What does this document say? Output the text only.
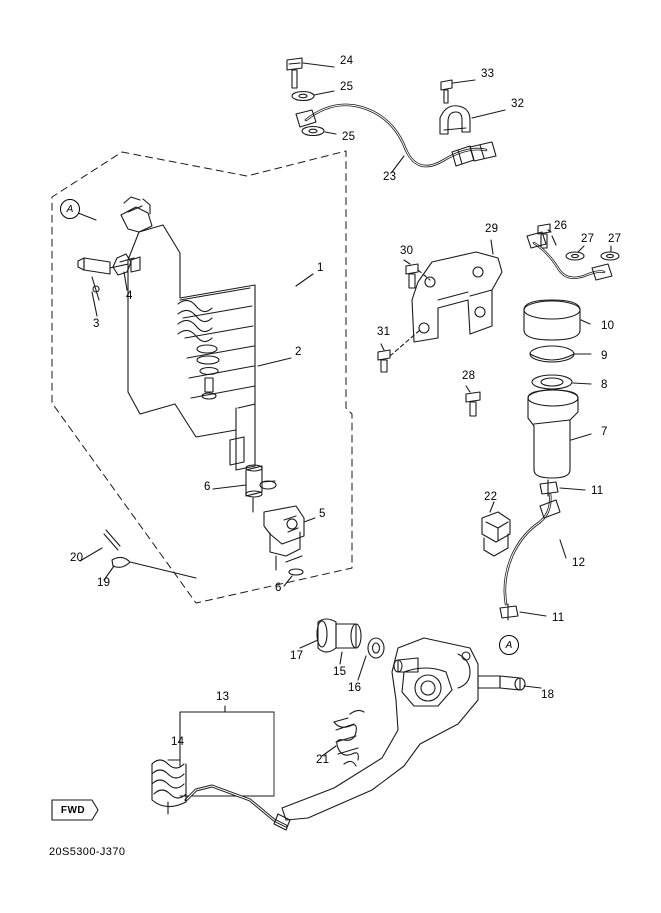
1
2
3
4
5
6
6
7
8
9
10
11
11
12
13
14
15
16
17
18
19
20
21
22
23
24
25
25
26
27 27
28
29
30
31
32
33
A
A
FWD
20S5300-J370
